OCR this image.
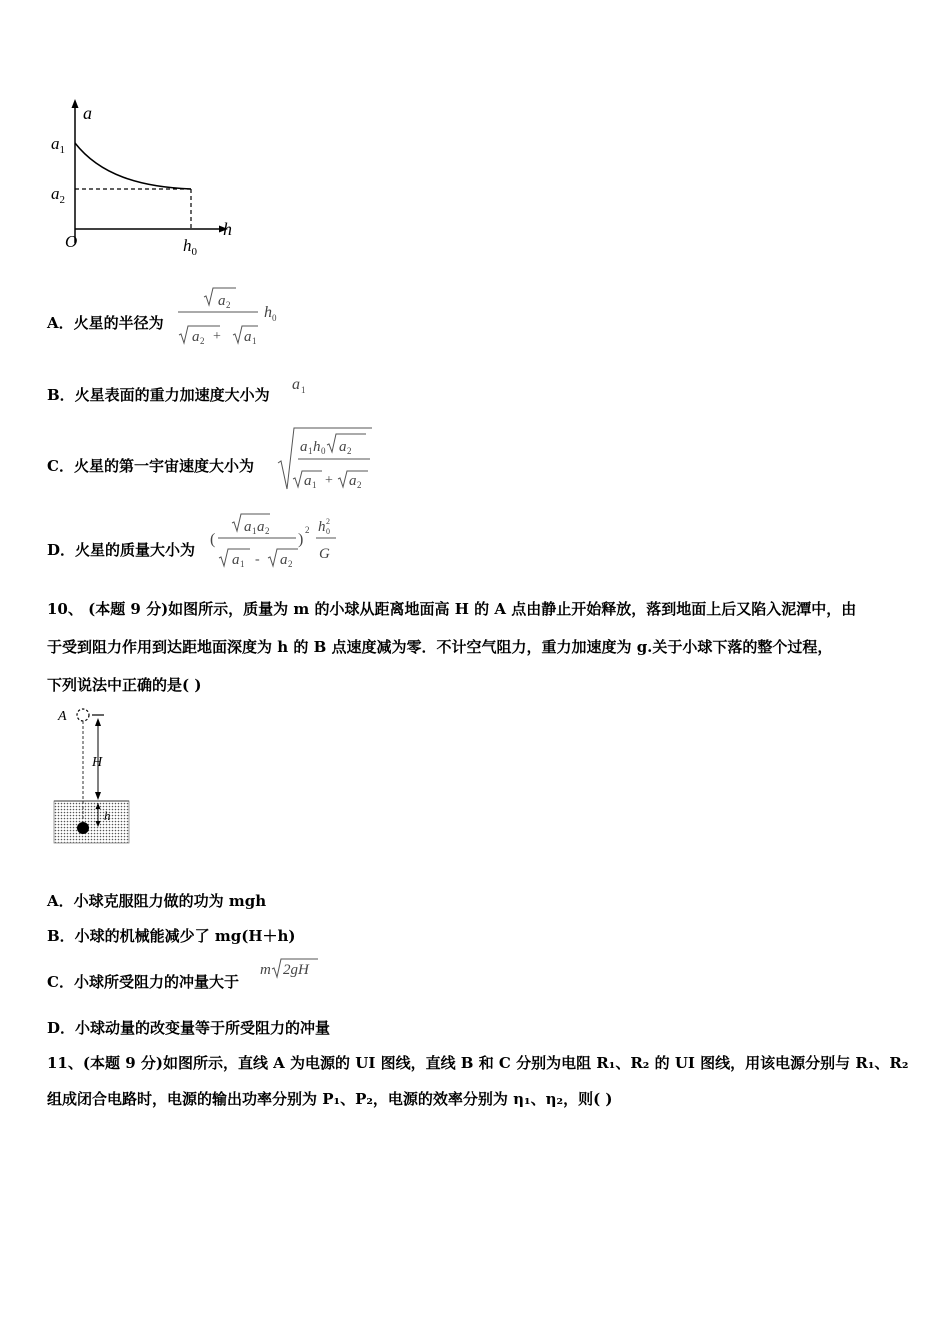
a
h
$a_1$
$a_2$
O	$h_0$
A．火星的半径为
a 2
a 2 + a 1
h 0
B．火星表面的重力加速度大小为
a 1
C．火星的第一宇宙速度大小为
a 1 h 0 a 2
a 1 + a 2
D．火星的质量大小为
(
a 1 a 2
a 1 - a 2
)
2 h 2
0
G
10、 (本题 9 分)如图所示，质量为 m 的小球从距离地面高 H 的 A 点由静止开始释放，落到地面上后又陷入泥潭中，由
于受到阻力作用到达距地面深度为 h 的 B 点速度减为零．不计空气阻力，重力加速度为 g.关于小球下落的整个过程，
下列说法中正确的是( )
A
H
h
A．小球克服阻力做的功为 mgh
B．小球的机械能减少了 mg(H＋h)
C．小球所受阻力的冲量大于
m 2gH
D．小球动量的改变量等于所受阻力的冲量
11、(本题 9 分)如图所示，直线 A 为电源的 UI 图线，直线 B 和 C 分别为电阻 R₁、R₂ 的 UI 图线，用该电源分别与 R₁、R₂
组成闭合电路时，电源的输出功率分别为 P₁、P₂，电源的效率分别为 η₁、η₂，则( )
